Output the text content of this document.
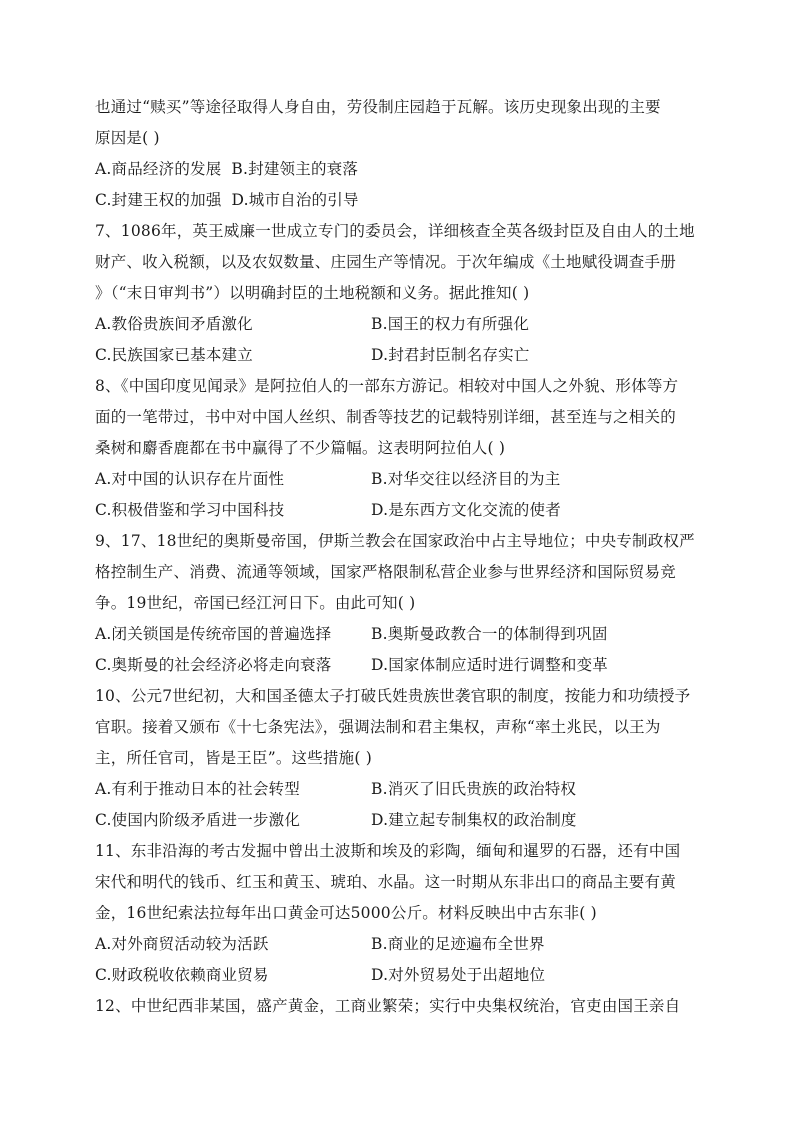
也通过“赎买”等途径取得人身自由，劳役制庄园趋于瓦解。该历史现象出现的主要
原因是( )
A.商品经济的发展 B.封建领主的衰落
C.封建王权的加强 D.城市自治的引导
7、1086年，英王威廉一世成立专门的委员会，详细核查全英各级封臣及自由人的土地
财产、收入税额，以及农奴数量、庄园生产等情况。于次年编成《土地赋役调查手册
》（“末日审判书”）以明确封臣的土地税额和义务。据此推知( )
A.教俗贵族间矛盾激化	B.国王的权力有所强化
C.民族国家已基本建立	D.封君封臣制名存实亡
8、《中国印度见闻录》是阿拉伯人的一部东方游记。相较对中国人之外貌、形体等方
面的一笔带过，书中对中国人丝织、制香等技艺的记载特别详细，甚至连与之相关的
桑树和麝香鹿都在书中赢得了不少篇幅。这表明阿拉伯人( )
A.对中国的认识存在片面性	B.对华交往以经济目的为主
C.积极借鉴和学习中国科技	D.是东西方文化交流的使者
9、17、18世纪的奥斯曼帝国，伊斯兰教会在国家政治中占主导地位；中央专制政权严
格控制生产、消费、流通等领域，国家严格限制私营企业参与世界经济和国际贸易竞
争。19世纪，帝国已经江河日下。由此可知( )
A.闭关锁国是传统帝国的普遍选择	B.奥斯曼政教合一的体制得到巩固
C.奥斯曼的社会经济必将走向衰落	D.国家体制应适时进行调整和变革
10、公元7世纪初，大和国圣德太子打破氏姓贵族世袭官职的制度，按能力和功绩授予
官职。接着又颁布《十七条宪法》，强调法制和君主集权，声称“率土兆民，以王为
主，所任官司，皆是王臣”。这些措施( )
A.有利于推动日本的社会转型	B.消灭了旧氏贵族的政治特权
C.使国内阶级矛盾进一步激化	D.建立起专制集权的政治制度
11、东非沿海的考古发掘中曾出土波斯和埃及的彩陶，缅甸和暹罗的石器，还有中国
宋代和明代的钱币、红玉和黄玉、琥珀、水晶。这一时期从东非出口的商品主要有黄
金，16世纪索法拉每年出口黄金可达5000公斤。材料反映出中古东非( )
A.对外商贸活动较为活跃	B.商业的足迹遍布全世界
C.财政税收依赖商业贸易	D.对外贸易处于出超地位
12、中世纪西非某国，盛产黄金，工商业繁荣；实行中央集权统治，官吏由国王亲自
